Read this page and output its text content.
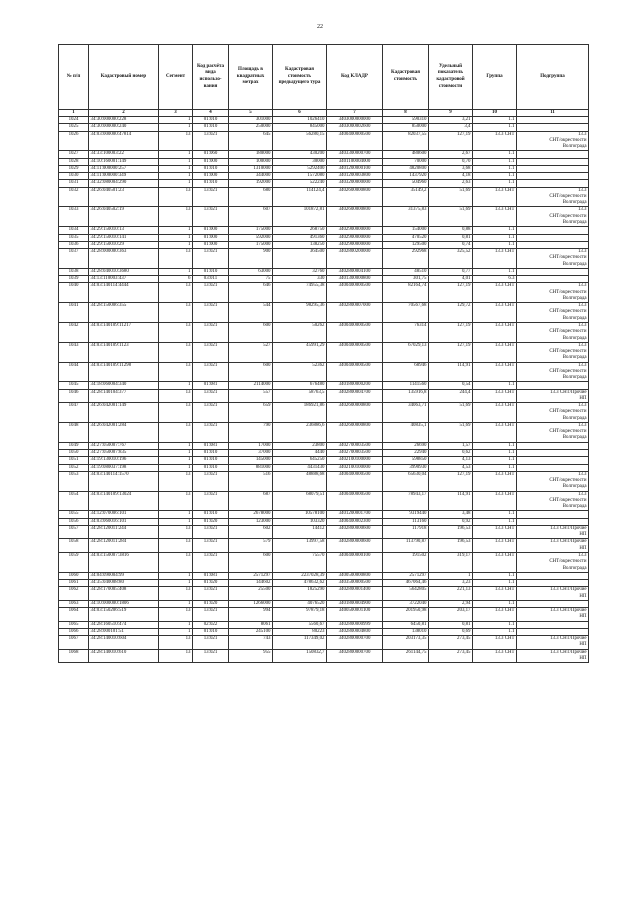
22
№ п/п	Кадастровый номер	Сегмент	Код расчёта вида использо-вания	Площадь в квадратных метрах	Кадастровая стоимость предыдущего тура	Код КЛАДР	Кадастровая стоимость	Удельный показатель кадастровой стоимости	Группа	Подгруппа
1	2	3	4	5	6	7	8	9	10	11
1024	34:30:000000:228	1	01:010	301000	1026410	3403000000000	590310	3,21	1.1	
1025	34:30:000000:240	1	01:010	250000	845000	3403000002600	850000	3,4	1.1	
1026	34:03:000000:47814	13	13:021	645	56280,15	3400400000500	82037,55	127,19	13.3 СНТ	13.3
СНТ/окрестности
Волгограда
1027	34:33:100003:22	1	01:060	180000	430200	3403300000700	480600	2,67	1.1	
1028	34:10:160001:149	1	01:000	100000	30000	3401100004000	70000	0,70	1.1	
1029	34:11:000000:257	1	01:010	1310000	5292400	3401200000100	4820800	3,68	1.1	
1030	34:11:000000:349	1	01:000	344000	1572080	3401200003800	1437920	4,18	1.1	
1031	34:32:080004:290	1	01:010	192000	522240	3403200000000	504960	2,63	1.1	
1032	34:26:040501:23	13	13:021	680	114124,4	3402600000800	35149,2	51,69	13.3 СНТ	13.3
СНТ/окрестности
Волгограда
1033	34:26:040502:19	13	13:021	607	101872,81	3402600000800	31375,83	51,69	13.3 СНТ	13.3
СНТ/окрестности
Волгограда
1034	34:29:150010:13	1	01:000	175000	268750	3402900000000	154000	0,88	1.1	
1035	34:29:150010:141	1	01:000	592000	491360	3402900000000	470520	0,81	1.1	
1036	34:29:150010:29	1	01:000	175000	138250	3402900000000	129500	0,74	1.1	
1037	34:28:000000:363	13	13:021	900	364500	3402800200000	292968	325,52	13.3 СНТ	13.3
СНТ/окрестности
Волгограда
1038	34:28:040010:3680	1	01:010	63000	32760	3402800004100	48510	0,77	1.1	
1039	34:13:110003:437	6	03:011	75	330	3401300000800	301,75	4,01	6.3	
1040	34:03:140114:4444	13	13:021	646	74955,38	3400400000500	82164,74	127,19	13.3 СНТ	13.3
СНТ/окрестности
Волгограда
1041	34:28:150006:355	13	13:021	544	98295,36	3402800007000	70567,68	129,72	13.3 СНТ	13.3
СНТ/окрестности
Волгограда
1042	34:03:140109:11217	13	13:021	600	50262	3400400000500	76314	127,19	13.3 СНТ	13.3
СНТ/окрестности
Волгограда
1043	34:03:140109:1123	13	13:021	527	45991,29	3400400000500	67029,13	127,19	13.3 СНТ	13.3
СНТ/окрестности
Волгограда
1044	34:03:140109:11298	13	13:021	600	52362	3400400000500	68946	114,91	13.3 СНТ	13.3
СНТ/окрестности
Волгограда
1045	34:18:060004:340	1	01:081	2114000	676480	3401800000200	1141560	0,54	1.1	
1046	34:28:140104:377	13	13:021	557	58763,5	3402800004700	135916,8	244,4	13.3 СНТ	13.3 СНТ/Прочие
НП
1047	34:26:042001:149	13	13:021	659	186921,86	3402600000800	34063,71	51,69	13.3 СНТ	13.3
СНТ/окрестности
Волгограда
1048	34:26:042001:284	13	13:021	790	236886,6	3402600000800	40835,1	51,69	13.3 СНТ	13.3
СНТ/окрестности
Волгограда
1049	34:27:050007:767	1	01:081	17000	23800	3402700003500	26690	1,57	1.1	
1050	34:27:050007:835	1	01:010	37000	4440	3402700003500	22940	0,62	1.1	
1051	34:19:130010:196	1	01:010	145000	645250	3402100100000	598850	4,13	1.1	
1052	34:19:080037:198	1	01:010	881000	4431430	3402100100000	3990930	4,53	1.1	
1053	34:03:140114:1570	13	13:021	516	48888,68	3400400000500	65630,04	127,19	13.3 СНТ	13.3
СНТ/окрестности
Волгограда
1054	34:03:140109:13024	13	13:021	687	68079,51	3400400000500	78943,17	114,91	13.3 СНТ	13.3
СНТ/окрестности
Волгограда
1055	34:12:070006:101	1	01:010	2678000	10578100	3401200001700	9319440	3,48	1.1	
1056	34:03:060016:101	1	01:020	123000	103320	3400400002300	113160	0,92	1.1	
1057	34:28:120011:244	13	13:021	602	14412	3402800000600	117918	196,53	13.3 СНТ	13.3 СНТ/Прочие
НП
1058	34:28:120011:284	13	13:021	579	13997,58	3402800000600	113790,87	196,53	13.3 СНТ	13.3 СНТ/Прочие
НП
1059	34:03:150007:3816	13	13:021	600	75570	3400400000100	191502	319,17	13.3 СНТ	13.3
СНТ/окрестности
Волгограда
1060	34:04:090004:99	1	01:081	2571297	2237028,39	3400500000800	2571297	1	1.1	
1061	34:35:040008:80	1	01:020	144602	478632,62	3403500000500	467064,46	3,23	1.1	
1062	34:28:170005:408	13	13:021	25500	1825290	3402800001400	5642805	221,13	13.3 СНТ	13.3 СНТ/Прочие
НП
1063	34:10:000000:1806	1	01:020	1266000	4076520	3401800004900	3722040	2,94	1.1	
1064	34:03:150206:519	13	13:021	994	97879,18	3400500001100	201950,98	203,17	13.3 СНТ	13.3 СНТ/Прочие
НП
1065	34:28:160510:474	1	02:022	8061	5560,67	3402800000999	6450,81	0,81	1.1	
1066	34:28:000101:51	1	01:010	245100	80223	3402800004800	138010	0,69	1.1	
1067	34:28:140010:604	13	13:021	743	117349,02	3402800000700	203173,35	273,45	13.3 СНТ	13.3 СНТ/Прочие
НП
1068	34:28:140010:610	13	13:021	955	150832,7	3402800000700	261144,75	273,45	13.3 СНТ	13.3 СНТ/Прочие
НП
